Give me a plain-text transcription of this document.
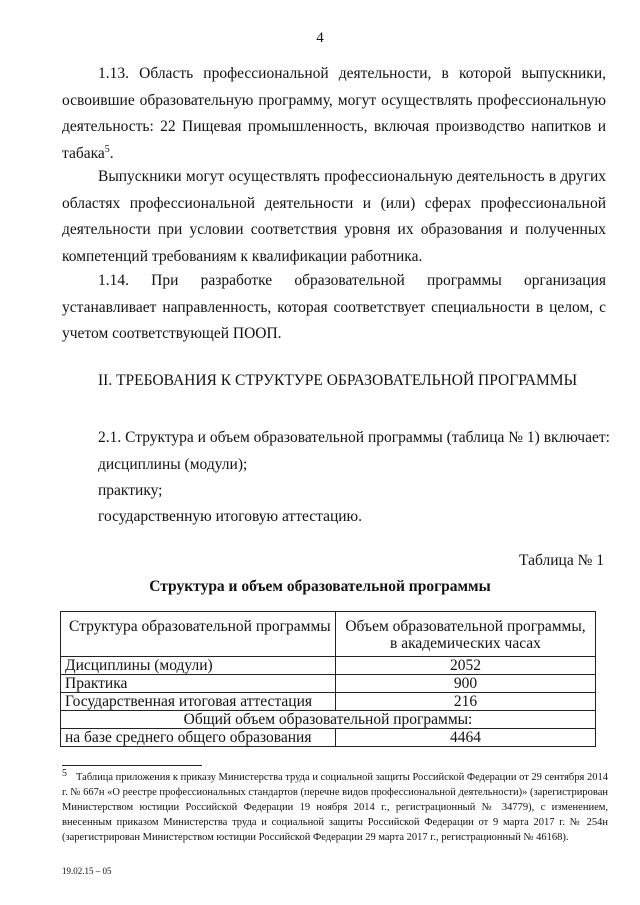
4

1.13. Область профессиональной деятельности, в которой выпускники, освоившие образовательную программу, могут осуществлять профессиональную деятельность: 22 Пищевая промышленность, включая производство напитков и табака$^5$.

Выпускники могут осуществлять профессиональную деятельность в других областях профессиональной деятельности и (или) сферах профессиональной деятельности при условии соответствия уровня их образования и полученных компетенций требованиям к квалификации работника.

1.14. При разработке образовательной программы организация устанавливает направленность, которая соответствует специальности в целом, с учетом соответствующей ПООП.

II. ТРЕБОВАНИЯ К СТРУКТУРЕ ОБРАЗОВАТЕЛЬНОЙ ПРОГРАММЫ

2.1. Структура и объем образовательной программы (таблица № 1) включает:

дисциплины (модули);

практику;

государственную итоговую аттестацию.

Таблица № 1
Структура и объем образовательной программы
Структура образовательной программы	Объем образовательной программы, в академических часах
Дисциплины (модули)	2052
Практика	900
Государственная итоговая аттестация	216
Общий объем образовательной программы:	
на базе среднего общего образования	4464

$^5$ Таблица приложения к приказу Министерства труда и социальной защиты Российской Федерации от 29 сентября 2014 г. № 667н «О реестре профессиональных стандартов (перечне видов профессиональной деятельности)» (зарегистрирован Министерством юстиции Российской Федерации 19 ноября 2014 г., регистрационный № 34779), с изменением, внесенным приказом Министерства труда и социальной защиты Российской Федерации от 9 марта 2017 г. № 254н (зарегистрирован Министерством юстиции Российской Федерации 29 марта 2017 г., регистрационный № 46168).

19.02.15 – 05
